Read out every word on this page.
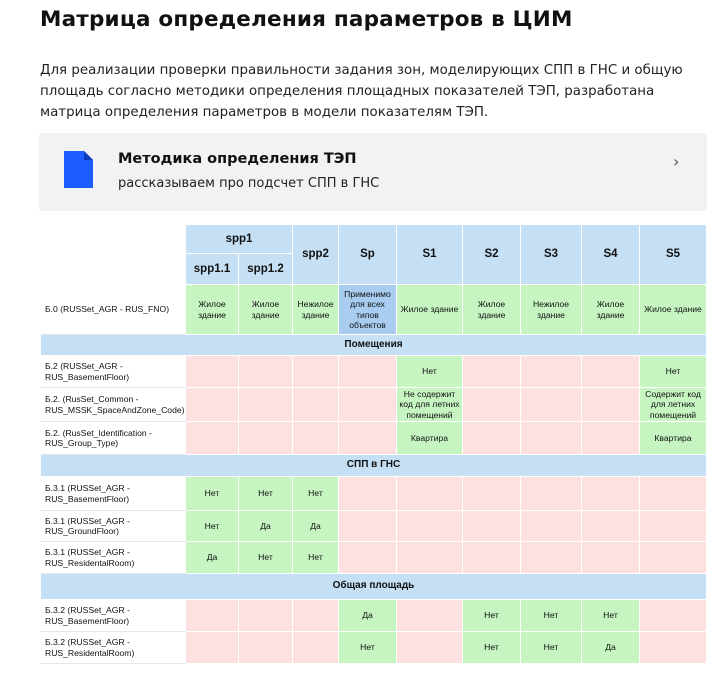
Матрица определения параметров в ЦИМ

Для реализации проверки правильности задания зон, моделирующих СПП в ГНС и общую площадь согласно методики определения площадных показателей ТЭП, разработана матрица определения параметров в модели показателям ТЭП.

Методика определения ТЭП
рассказываем про подсчет СПП в ГНС
›
	spp1		spp2	Sp	S1	S2	S3	S4	S5
	spp1.1	spp1.2							
Б.0 (RUSSet_AGR - RUS_FNO)	Жилое здание	Жилое здание	Нежилое здание	Применимо для всех типов объектов	Жилое здание	Жилое здание	Нежилое здание	Жилое здание	Жилое здание
Помещения									
Б.2 (RUSSet_AGR - RUS_BasementFloor)					Нет				Нет
Б.2. (RusSet_Common - RUS_MSSK_SpaceAndZone_Code)					Не содержит код для летних помещений				Содержит код для летних помещений
Б.2. (RusSet_Identification - RUS_Group_Type)					Квартира				Квартира
СПП в ГНС									
Б.3.1 (RUSSet_AGR - RUS_BasementFloor)	Нет	Нет	Нет						
Б.3.1 (RUSSet_AGR - RUS_GroundFloor)	Нет	Да	Да						
Б.3.1 (RUSSet_AGR - RUS_ResidentalRoom)	Да	Нет	Нет						
Общая площадь									
Б.3.2 (RUSSet_AGR - RUS_BasementFloor)				Да		Нет	Нет	Нет	
Б.3.2 (RUSSet_AGR - RUS_ResidentalRoom)				Нет		Нет	Нет	Да	
